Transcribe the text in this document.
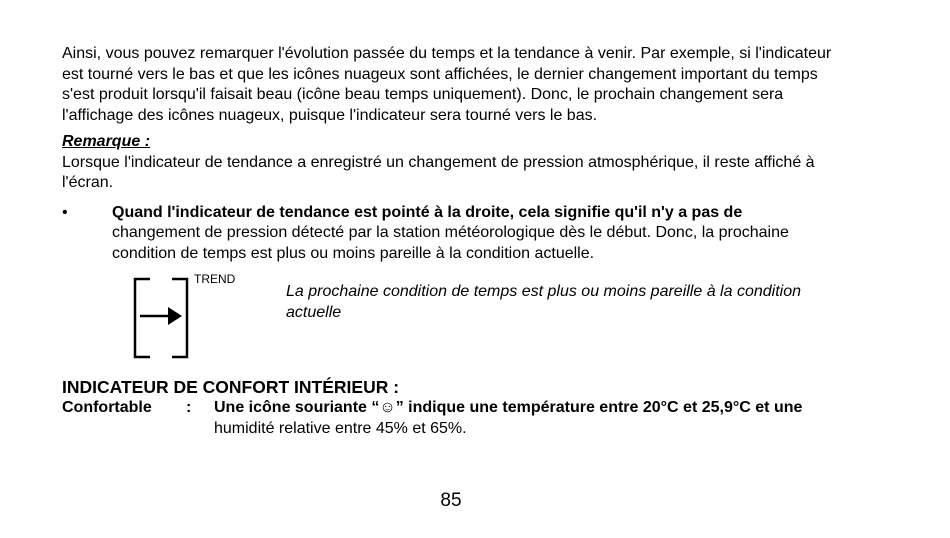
Ainsi, vous pouvez remarquer l'évolution passée du temps et la tendance à venir. Par exemple, si l'indicateur est tourné vers le bas et que les icônes nuageux sont affichées, le dernier changement important du temps s'est produit lorsqu'il faisait beau (icône beau temps uniquement). Donc, le prochain changement sera l'affichage des icônes nuageux, puisque l'indicateur sera tourné vers le bas.

Remarque :

Lorsque l'indicateur de tendance a enregistré un changement de pression atmosphérique, il reste affiché à l'écran.

•	Quand l'indicateur de tendance est pointé à la droite, cela signifie qu'il n'y a pas de
changement de pression détecté par la station météorologique dès le début. Donc, la prochaine condition de temps est plus ou moins pareille à la condition actuelle.

TREND

La prochaine condition de temps est plus ou moins pareille à la condition actuelle

INDICATEUR DE CONFORT INTÉRIEUR :
Confortable : Une icône souriante “☺” indique une température entre 20°C et 25,9°C et une
humidité relative entre 45% et 65%.

85
